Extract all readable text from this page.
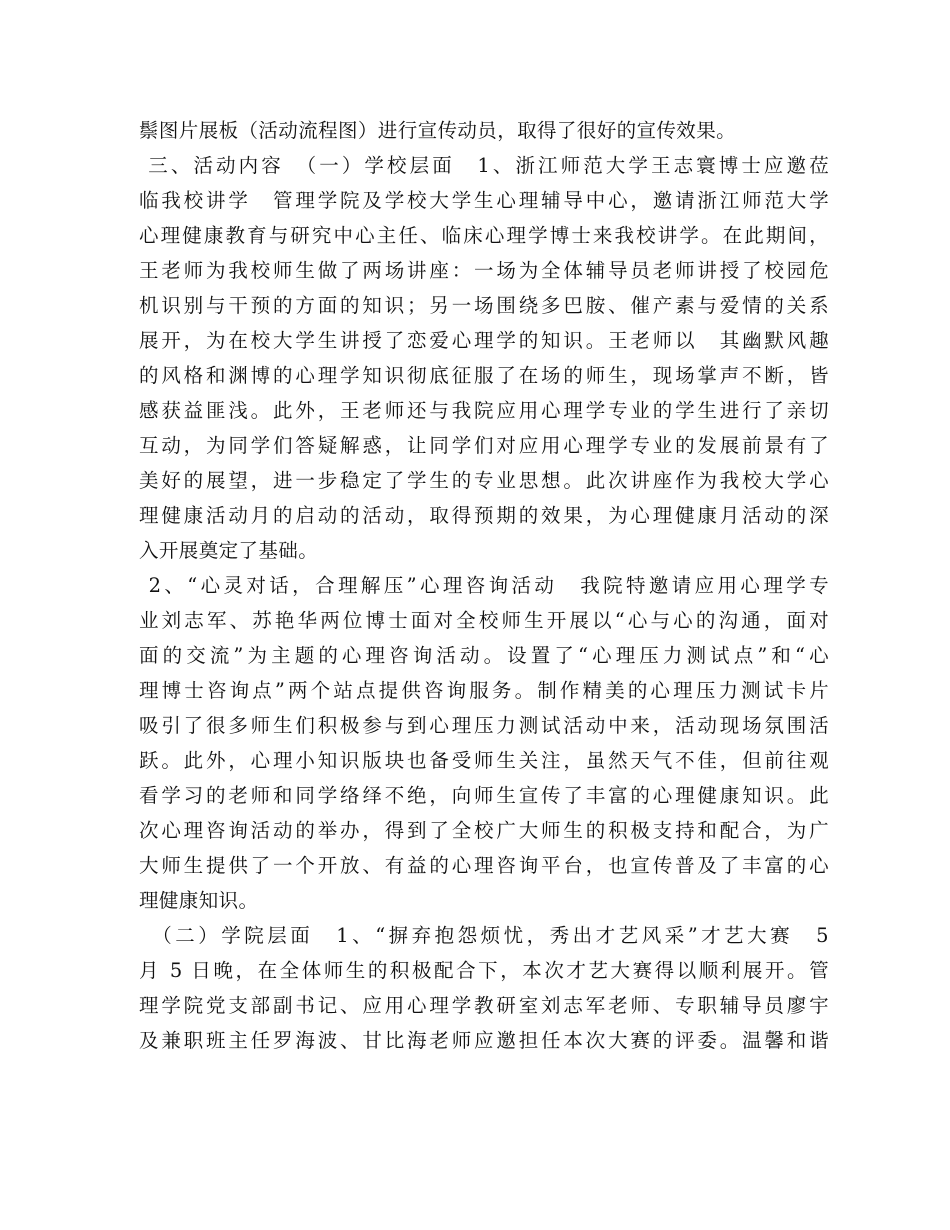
鬃图片展板（活动流程图）进行宣传动员，取得了很好的宣传效果。
三、活动内容　（一）学校层面　1、浙江师范大学王志寰博士应邀莅
临我校讲学　管理学院及学校大学生心理辅导中心，邀请浙江师范大学
心理健康教育与研究中心主任、临床心理学博士来我校讲学。在此期间，
王老师为我校师生做了两场讲座：一场为全体辅导员老师讲授了校园危
机识别与干预的方面的知识；另一场围绕多巴胺、催产素与爱情的关系
展开，为在校大学生讲授了恋爱心理学的知识。王老师以　其幽默风趣
的风格和渊博的心理学知识彻底征服了在场的师生，现场掌声不断，皆
感获益匪浅。此外，王老师还与我院应用心理学专业的学生进行了亲切
互动，为同学们答疑解惑，让同学们对应用心理学专业的发展前景有了
美好的展望，进一步稳定了学生的专业思想。此次讲座作为我校大学心
理健康活动月的启动的活动，取得预期的效果，为心理健康月活动的深
入开展奠定了基础。
2、“心灵对话，合理解压”心理咨询活动　我院特邀请应用心理学专
业刘志军、苏艳华两位博士面对全校师生开展以“心与心的沟通，面对
面的交流”为主题的心理咨询活动。设置了“心理压力测试点”和“心
理博士咨询点”两个站点提供咨询服务。制作精美的心理压力测试卡片
吸引了很多师生们积极参与到心理压力测试活动中来，活动现场氛围活
跃。此外，心理小知识版块也备受师生关注，虽然天气不佳，但前往观
看学习的老师和同学络绎不绝，向师生宣传了丰富的心理健康知识。此
次心理咨询活动的举办，得到了全校广大师生的积极支持和配合，为广
大师生提供了一个开放、有益的心理咨询平台，也宣传普及了丰富的心
理健康知识。
　（二）学院层面　1、“摒弃抱怨烦忧，秀出才艺风采”才艺大赛　5
月 5 日晚，在全体师生的积极配合下，本次才艺大赛得以顺利展开。管
理学院党支部副书记、应用心理学教研室刘志军老师、专职辅导员廖宇
及兼职班主任罗海波、甘比海老师应邀担任本次大赛的评委。温馨和谐
